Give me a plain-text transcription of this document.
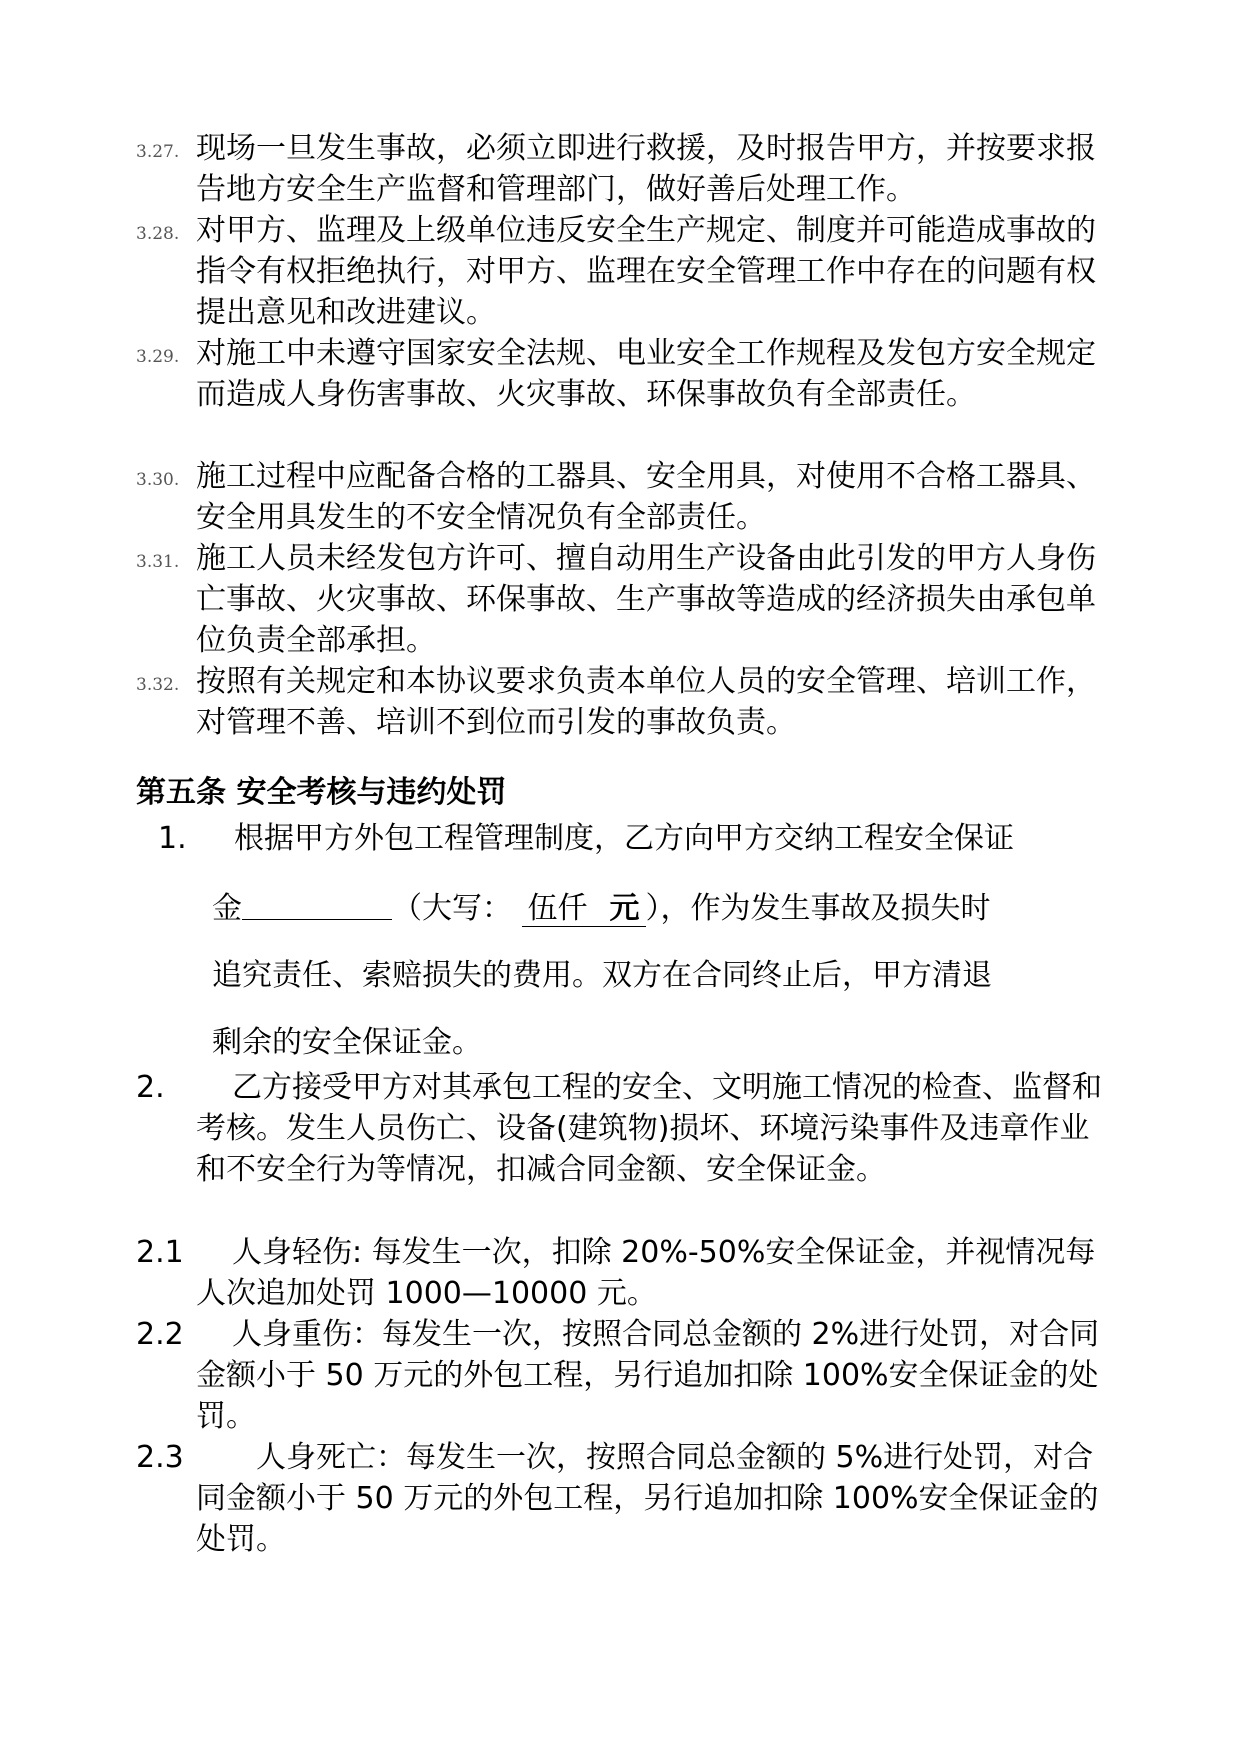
3.27. 现场一旦发生事故，必须立即进行救援，及时报告甲方，并按要求报告地方安全生产监督和管理部门，做好善后处理工作。
3.28. 对甲方、监理及上级单位违反安全生产规定、制度并可能造成事故的指令有权拒绝执行，对甲方、监理在安全管理工作中存在的问题有权提出意见和改进建议。
3.29. 对施工中未遵守国家安全法规、电业安全工作规程及发包方安全规定而造成人身伤害事故、火灾事故、环保事故负有全部责任。
3.30. 施工过程中应配备合格的工器具、安全用具，对使用不合格工器具、安全用具发生的不安全情况负有全部责任。
3.31. 施工人员未经发包方许可、擅自动用生产设备由此引发的甲方人身伤亡事故、火灾事故、环保事故、生产事故等造成的经济损失由承包单位负责全部承担。
3.32. 按照有关规定和本协议要求负责本单位人员的安全管理、培训工作，对管理不善、培训不到位而引发的事故负责。
第五条 安全考核与违约处罚
1. 根据甲方外包工程管理制度，乙方向甲方交纳工程安全保证
金	（大写： 伍仟 元 ），作为发生事故及损失时
追究责任、索赔损失的费用。双方在合同终止后，甲方清退
剩余的安全保证金。
2.	乙方接受甲方对其承包工程的安全、文明施工情况的检查、监督和考核。发生人员伤亡、设备(建筑物)损坏、环境污染事件及违章作业和不安全行为等情况，扣减合同金额、安全保证金。
2.1	人身轻伤: 每发生一次，扣除 20%-50%安全保证金，并视情况每人次追加处罚 1000—10000 元。
2.2	人身重伤：每发生一次，按照合同总金额的 2%进行处罚，对合同金额小于 50 万元的外包工程，另行追加扣除 100%安全保证金的处罚。
2.3	人身死亡：每发生一次，按照合同总金额的 5%进行处罚，对合同金额小于 50 万元的外包工程，另行追加扣除 100%安全保证金的处罚。
